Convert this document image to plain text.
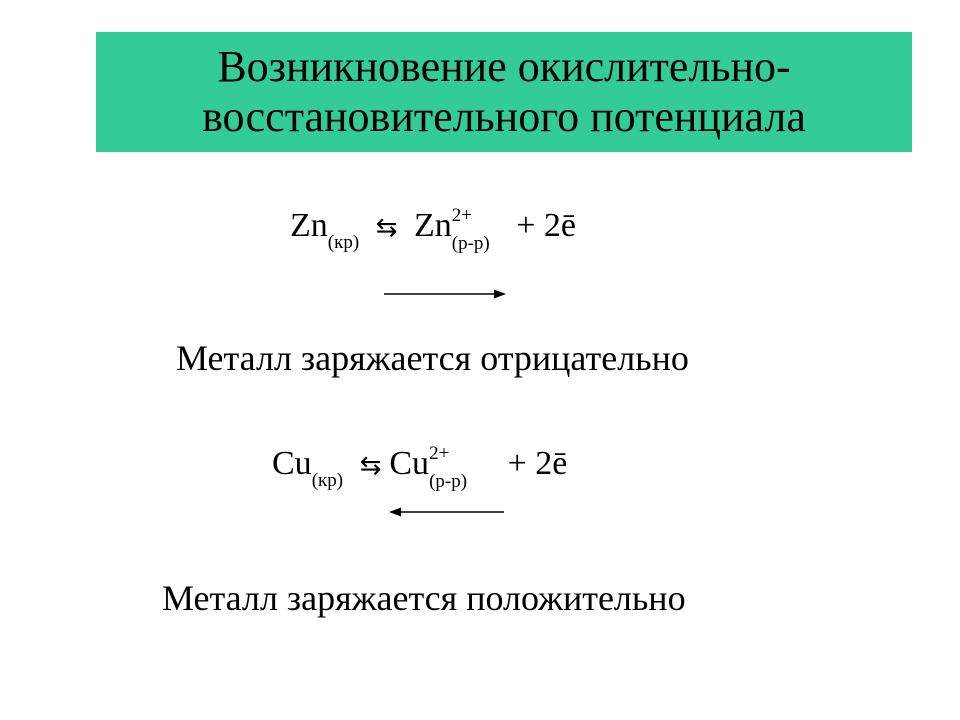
Возникновение окислительно-
восстановительного потенциала
$Zn_{(кр)}$ ⇆ Zn 2+
(р-р) + 2ē
Металл заряжается отрицательно
$Cu_{(кр)}$ ⇆ Cu 2+
(р-р) + 2ē
Металл заряжается положительно
